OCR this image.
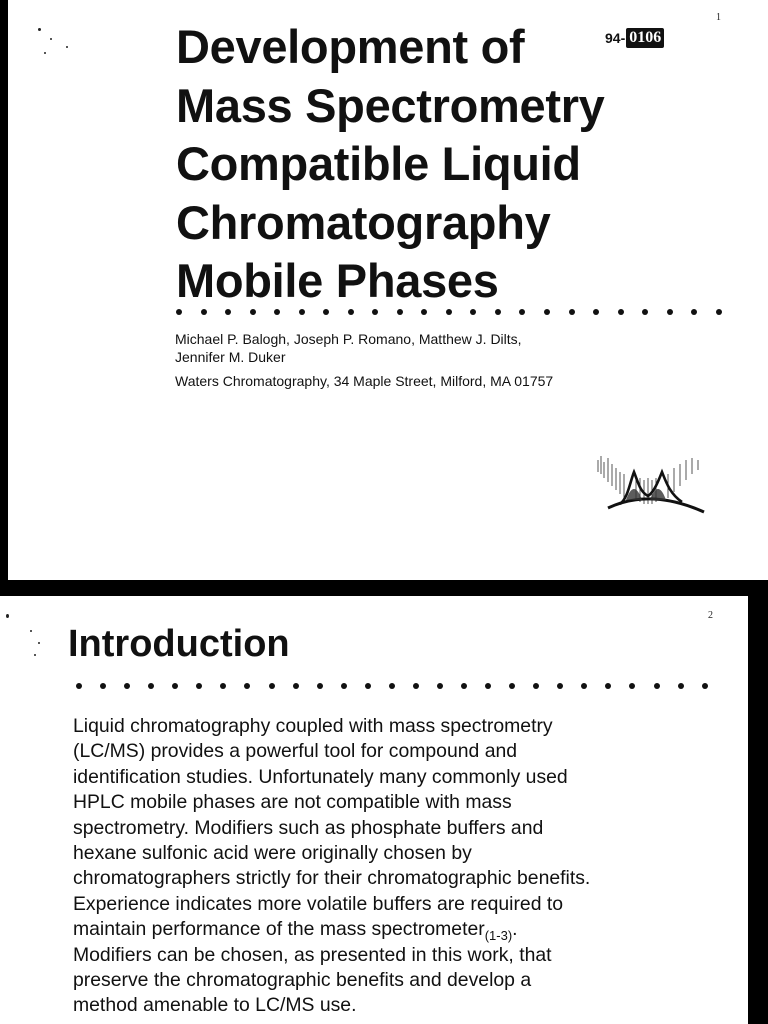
1
94- 0106
Development of
Mass Spectrometry
Compatible Liquid
Chromatography
Mobile Phases
Michael P. Balogh, Joseph P. Romano, Matthew J. Dilts,
Jennifer M. Duker
Waters Chromatography, 34 Maple Street, Milford, MA 01757
2
Introduction

Liquid chromatography coupled with mass spectrometry
(LC/MS) provides a powerful tool for compound and
identification studies. Unfortunately many commonly used
HPLC mobile phases are not compatible with mass
spectrometry. Modifiers such as phosphate buffers and
hexane sulfonic acid were originally chosen by
chromatographers strictly for their chromatographic benefits.
Experience indicates more volatile buffers are required to
maintain performance of the mass spectrometer$_{(1-3)}$.
Modifiers can be chosen, as presented in this work, that
preserve the chromatographic benefits and develop a
method amenable to LC/MS use.
